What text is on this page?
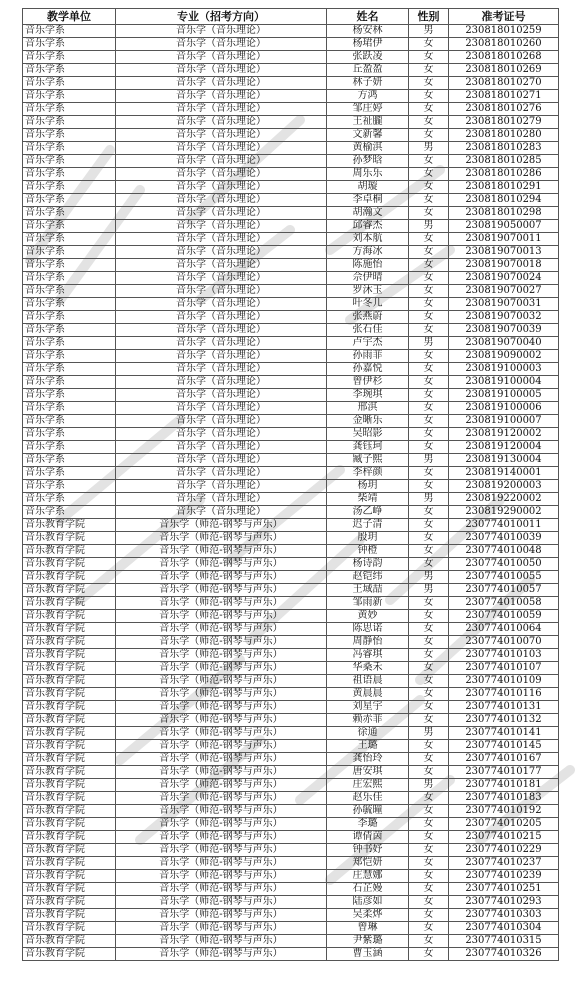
教学单位	专业（招考方向）	姓名	性别	准考证号
音乐学系	音乐学（音乐理论）	杨安林	男	230818010259
音乐学系	音乐学（音乐理论）	杨珺伊	女	230818010260
音乐学系	音乐学（音乐理论）	张跃凌	女	230818010268
音乐学系	音乐学（音乐理论）	丘盈盈	女	230818010269
音乐学系	音乐学（音乐理论）	林子妍	女	230818010270
音乐学系	音乐学（音乐理论）	方鸿	女	230818010271
音乐学系	音乐学（音乐理论）	邹庄婷	女	230818010276
音乐学系	音乐学（音乐理论）	王祉朧	女	230818010279
音乐学系	音乐学（音乐理论）	文新馨	女	230818010280
音乐学系	音乐学（音乐理论）	黄榆淇	男	230818010283
音乐学系	音乐学（音乐理论）	孙梦晗	女	230818010285
音乐学系	音乐学（音乐理论）	周乐乐	女	230818010286
音乐学系	音乐学（音乐理论）	胡璇	女	230818010291
音乐学系	音乐学（音乐理论）	李卓桐	女	230818010294
音乐学系	音乐学（音乐理论）	胡瀚文	女	230818010298
音乐学系	音乐学（音乐理论）	邱睿杰	男	230819050007
音乐学系	音乐学（音乐理论）	刘本航	女	230819070011
音乐学系	音乐学（音乐理论）	方海冰	女	230819070013
音乐学系	音乐学（音乐理论）	陈施怡	女	230819070018
音乐学系	音乐学（音乐理论）	佘伊晴	女	230819070024
音乐学系	音乐学（音乐理论）	罗沐玉	女	230819070027
音乐学系	音乐学（音乐理论）	叶冬儿	女	230819070031
音乐学系	音乐学（音乐理论）	张燕蔚	女	230819070032
音乐学系	音乐学（音乐理论）	张石佳	女	230819070039
音乐学系	音乐学（音乐理论）	卢宇杰	男	230819070040
音乐学系	音乐学（音乐理论）	孙雨菲	女	230819090002
音乐学系	音乐学（音乐理论）	孙嘉悦	女	230819100003
音乐学系	音乐学（音乐理论）	曾伊杉	女	230819100004
音乐学系	音乐学（音乐理论）	李琬琪	女	230819100005
音乐学系	音乐学（音乐理论）	邢淇	女	230819100006
音乐学系	音乐学（音乐理论）	金晰乐	女	230819100007
音乐学系	音乐学（音乐理论）	吴昭影	女	230819120002
音乐学系	音乐学（音乐理论）	龚钰珂	女	230819120004
音乐学系	音乐学（音乐理论）	臧子熙	男	230819130004
音乐学系	音乐学（音乐理论）	李梓颜	女	230819140001
音乐学系	音乐学（音乐理论）	杨玥	女	230819200003
音乐学系	音乐学（音乐理论）	柴靖	男	230819220002
音乐学系	音乐学（音乐理论）	汤乙峥	女	230819290002
音乐教育学院	音乐学（师范-钢琴与声乐）	迟子清	女	230774010011
音乐教育学院	音乐学（师范-钢琴与声乐）	殷玥	女	230774010039
音乐教育学院	音乐学（师范-钢琴与声乐）	钟橙	女	230774010048
音乐教育学院	音乐学（师范-钢琴与声乐）	杨诗韵	女	230774010050
音乐教育学院	音乐学（师范-钢琴与声乐）	赵铠纬	男	230774010055
音乐教育学院	音乐学（师范-钢琴与声乐）	王域喆	男	230774010057
音乐教育学院	音乐学（师范-钢琴与声乐）	邹雨新	女	230774010058
音乐教育学院	音乐学（师范-钢琴与声乐）	黄妙	女	230774010059
音乐教育学院	音乐学（师范-钢琴与声乐）	陈思诺	女	230774010064
音乐教育学院	音乐学（师范-钢琴与声乐）	周静怡	女	230774010070
音乐教育学院	音乐学（师范-钢琴与声乐）	冯睿琪	女	230774010103
音乐教育学院	音乐学（师范-钢琴与声乐）	华桑禾	女	230774010107
音乐教育学院	音乐学（师范-钢琴与声乐）	祖语晨	女	230774010109
音乐教育学院	音乐学（师范-钢琴与声乐）	黄晨晨	女	230774010116
音乐教育学院	音乐学（师范-钢琴与声乐）	刘星宇	女	230774010131
音乐教育学院	音乐学（师范-钢琴与声乐）	赖赤菲	女	230774010132
音乐教育学院	音乐学（师范-钢琴与声乐）	徐通	男	230774010141
音乐教育学院	音乐学（师范-钢琴与声乐）	王璐	女	230774010145
音乐教育学院	音乐学（师范-钢琴与声乐）	龚怡玲	女	230774010167
音乐教育学院	音乐学（师范-钢琴与声乐）	唐安琪	女	230774010177
音乐教育学院	音乐学（师范-钢琴与声乐）	庄宏熙	男	230774010181
音乐教育学院	音乐学（师范-钢琴与声乐）	赵乐佳	女	230774010183
音乐教育学院	音乐学（师范-钢琴与声乐）	孙毓曈	女	230774010192
音乐教育学院	音乐学（师范-钢琴与声乐）	李璐	女	230774010205
音乐教育学院	音乐学（师范-钢琴与声乐）	谭倩茵	女	230774010215
音乐教育学院	音乐学（师范-钢琴与声乐）	钟书妤	女	230774010229
音乐教育学院	音乐学（师范-钢琴与声乐）	郑恺妍	女	230774010237
音乐教育学院	音乐学（师范-钢琴与声乐）	庄慧娜	女	230774010239
音乐教育学院	音乐学（师范-钢琴与声乐）	石芷嫚	女	230774010251
音乐教育学院	音乐学（师范-钢琴与声乐）	陆彦如	女	230774010293
音乐教育学院	音乐学（师范-钢琴与声乐）	吴柔烨	女	230774010303
音乐教育学院	音乐学（师范-钢琴与声乐）	曾琳	女	230774010304
音乐教育学院	音乐学（师范-钢琴与声乐）	尹紫璐	女	230774010315
音乐教育学院	音乐学（师范-钢琴与声乐）	曹玉涵	女	230774010326
